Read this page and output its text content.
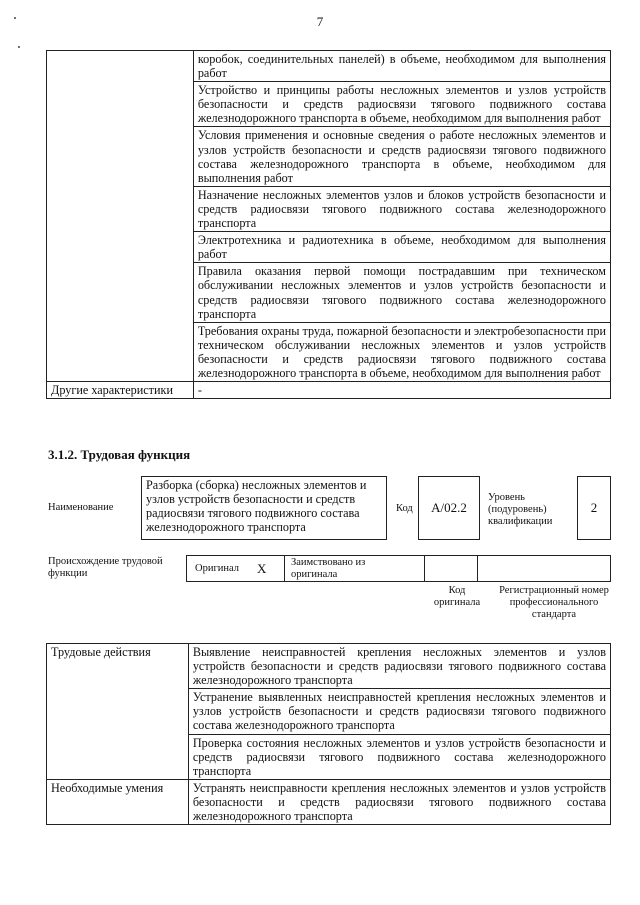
7
	коробок, соединительных панелей) в объеме, необходимом для выполнения работ
	Устройство и принципы работы несложных элементов и узлов устройств безопасности и средств радиосвязи тягового подвижного состава железнодорожного транспорта в объеме, необходимом для выполнения работ
	Условия применения и основные сведения о работе несложных элементов и узлов устройств безопасности и средств радиосвязи тягового подвижного состава железнодорожного транспорта в объеме, необходимом для выполнения работ
	Назначение несложных элементов узлов и блоков устройств безопасности и средств радиосвязи тягового подвижного состава железнодорожного транспорта
	Электротехника и радиотехника в объеме, необходимом для выполнения работ
	Правила оказания первой помощи пострадавшим при техническом обслуживании несложных элементов и узлов устройств безопасности и средств радиосвязи тягового подвижного состава железнодорожного транспорта
	Требования охраны труда, пожарной безопасности и электробезопасности при техническом обслуживании несложных элементов и узлов устройств безопасности и средств радиосвязи тягового подвижного состава железнодорожного транспорта в объеме, необходимом для выполнения работ
Другие характеристики	-
3.1.2. Трудовая функция
Наименование
Разборка (сборка) несложных элементов и узлов устройств безопасности и средств радиосвязи тягового подвижного состава железнодорожного транспорта
Код	А/02.2
Уровень (подуровень) квалификации
2
Происхождение трудовой функции	Оригинал X Заимствовано из оригинала
Код оригинала
Регистрационный номер профессионального стандарта
Трудовые действия	Выявление неисправностей крепления несложных элементов и узлов устройств безопасности и средств радиосвязи тягового подвижного состава железнодорожного транспорта
	Устранение выявленных неисправностей крепления несложных элементов и узлов устройств безопасности и средств радиосвязи тягового подвижного состава железнодорожного транспорта
	Проверка состояния несложных элементов и узлов устройств безопасности и средств радиосвязи тягового подвижного состава железнодорожного транспорта
Необходимые умения	Устранять неисправности крепления несложных элементов и узлов устройств безопасности и средств радиосвязи тягового подвижного состава железнодорожного транспорта
